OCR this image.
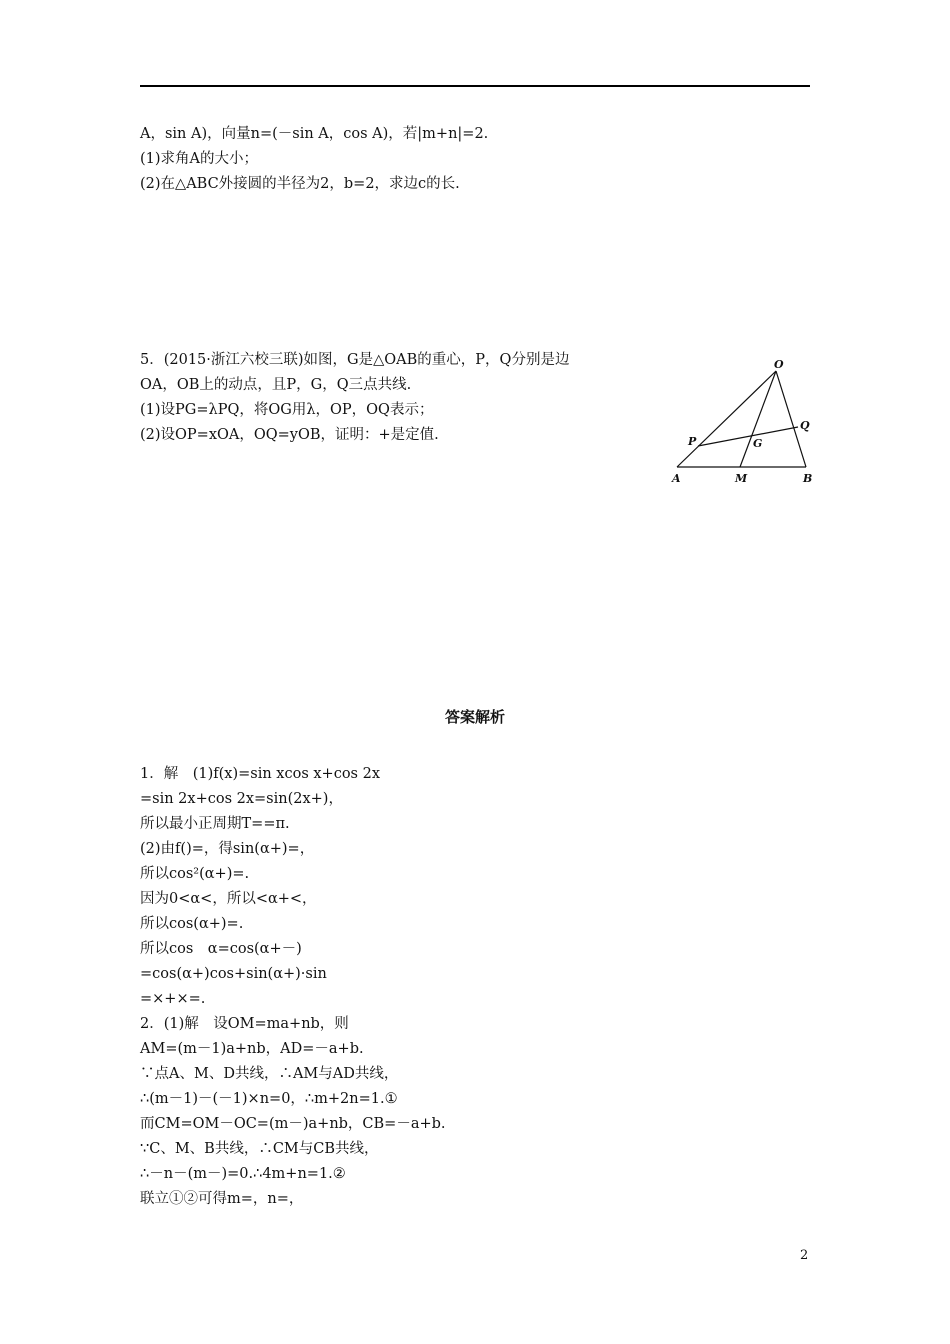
A，sin A)，向量n=(－sin A，cos A)，若|m+n|=2.
(1)求角A的大小；
(2)在△ABC外接圆的半径为2，b=2，求边c的长.
5．(2015·浙江六校三联)如图，G是△OAB的重心，P，Q分别是边
OA，OB上的动点，且P，G，Q三点共线.
(1)设PG=λPQ，将OG用λ，OP，OQ表示；
(2)设OP=xOA，OQ=yOB，证明：+是定值.
O
Q
P	G
A	M	B
答案解析
1．解　(1)f(x)=sin xcos x+cos 2x
=sin 2x+cos 2x=sin(2x+)，
所以最小正周期T==π.
(2)由f()=，得sin(α+)=，
所以cos²(α+)=.
因为0<α<，所以<α+<，
所以cos(α+)=.
所以cos　α=cos(α+－)
=cos(α+)cos+sin(α+)·sin
=×+×=.
2．(1)解　设OM=ma+nb，则
AM=(m－1)a+nb，AD=－a+b.
∵点A、M、D共线，∴AM与AD共线，
∴(m－1)－(－1)×n=0，∴m+2n=1.①
而CM=OM－OC=(m－)a+nb，CB=－a+b.
∵C、M、B共线，∴CM与CB共线，
∴－n－(m－)=0.∴4m+n=1.②
联立①②可得m=，n=，
2
